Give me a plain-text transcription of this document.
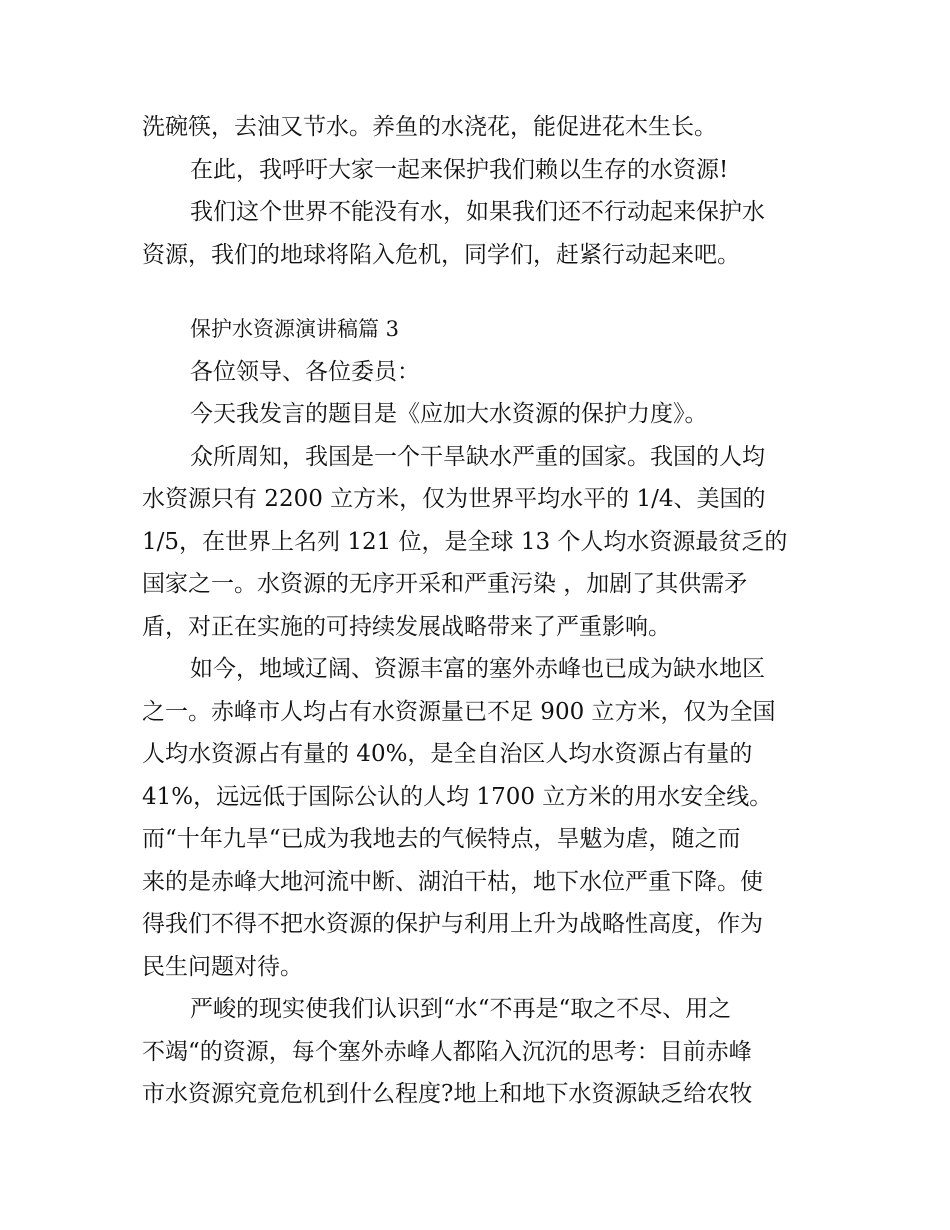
洗碗筷，去油又节水。养鱼的水浇花，能促进花木生长。
在此，我呼吁大家一起来保护我们赖以生存的水资源!
我们这个世界不能没有水，如果我们还不行动起来保护水
资源，我们的地球将陷入危机，同学们，赶紧行动起来吧。
保护水资源演讲稿篇 3
各位领导、各位委员：
今天我发言的题目是《应加大水资源的保护力度》。
众所周知，我国是一个干旱缺水严重的国家。我国的人均
水资源只有 2200 立方米，仅为世界平均水平的 1/4、美国的
1/5，在世界上名列 121 位，是全球 13 个人均水资源最贫乏的
国家之一。水资源的无序开采和严重污染 ，加剧了其供需矛
盾，对正在实施的可持续发展战略带来了严重影响。
如今，地域辽阔、资源丰富的塞外赤峰也已成为缺水地区
之一。赤峰市人均占有水资源量已不足 900 立方米，仅为全国
人均水资源占有量的 40%，是全自治区人均水资源占有量的
41%，远远低于国际公认的人均 1700 立方米的用水安全线。
而“十年九旱“已成为我地去的气候特点，旱魃为虐，随之而
来的是赤峰大地河流中断、湖泊干枯，地下水位严重下降。使
得我们不得不把水资源的保护与利用上升为战略性高度，作为
民生问题对待。
严峻的现实使我们认识到“水“不再是“取之不尽、用之
不竭“的资源，每个塞外赤峰人都陷入沉沉的思考：目前赤峰
市水资源究竟危机到什么程度?地上和地下水资源缺乏给农牧
